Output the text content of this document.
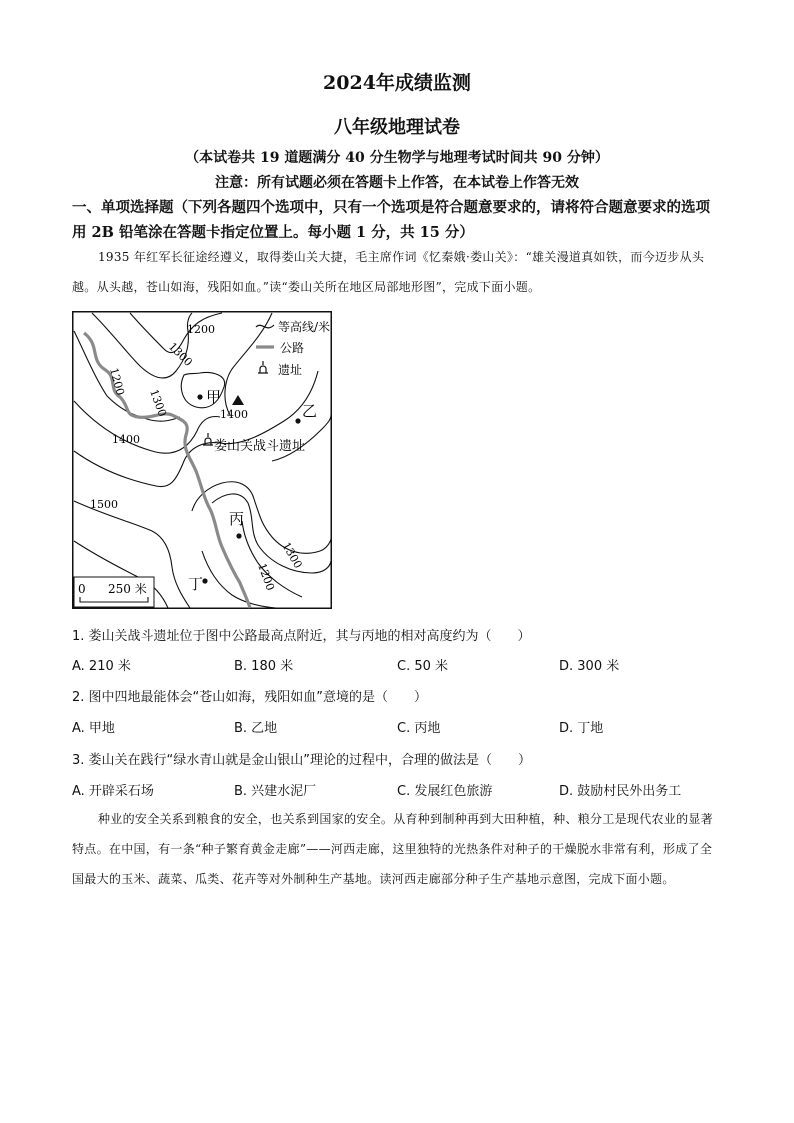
2024年成绩监测
八年级地理试卷
（本试卷共 19 道题满分 40 分生物学与地理考试时间共 90 分钟）
注意：所有试题必须在答题卡上作答，在本试卷上作答无效
一、单项选择题（下列各题四个选项中，只有一个选项是符合题意要求的，请将符合题意要求的选项用 2B 铅笔涂在答题卡指定位置上。每小题 1 分，共 15 分）
1935 年红军长征途经遵义，取得娄山关大捷，毛主席作词《忆秦娥·娄山关》：“雄关漫道真如铁，而今迈步从头越。从头越，苍山如海，残阳如血。”读“娄山关所在地区局部地形图”，完成下面小题。
1200
1200
1300
1300
1400
1500
1300
1200
1400
甲
乙
丙
丁
娄山关战斗遗址
等高线/米
公路
遗址
0 250 米
1. 娄山关战斗遗址位于图中公路最高点附近，其与丙地的相对高度约为（　　）
A. 210 米	B. 180 米	C. 50 米	D. 300 米
2. 图中四地最能体会“苍山如海，残阳如血”意境的是（　　）
A. 甲地	B. 乙地	C. 丙地	D. 丁地
3. 娄山关在践行“绿水青山就是金山银山”理论的过程中，合理的做法是（　　）
A. 开辟采石场	B. 兴建水泥厂	C. 发展红色旅游	D. 鼓励村民外出务工
种业的安全关系到粮食的安全，也关系到国家的安全。从育种到制种再到大田种植，种、粮分工是现代农业的显著特点。在中国，有一条“种子繁育黄金走廊”——河西走廊，这里独特的光热条件对种子的干燥脱水非常有利，形成了全国最大的玉米、蔬菜、瓜类、花卉等对外制种生产基地。读河西走廊部分种子生产基地示意图，完成下面小题。
